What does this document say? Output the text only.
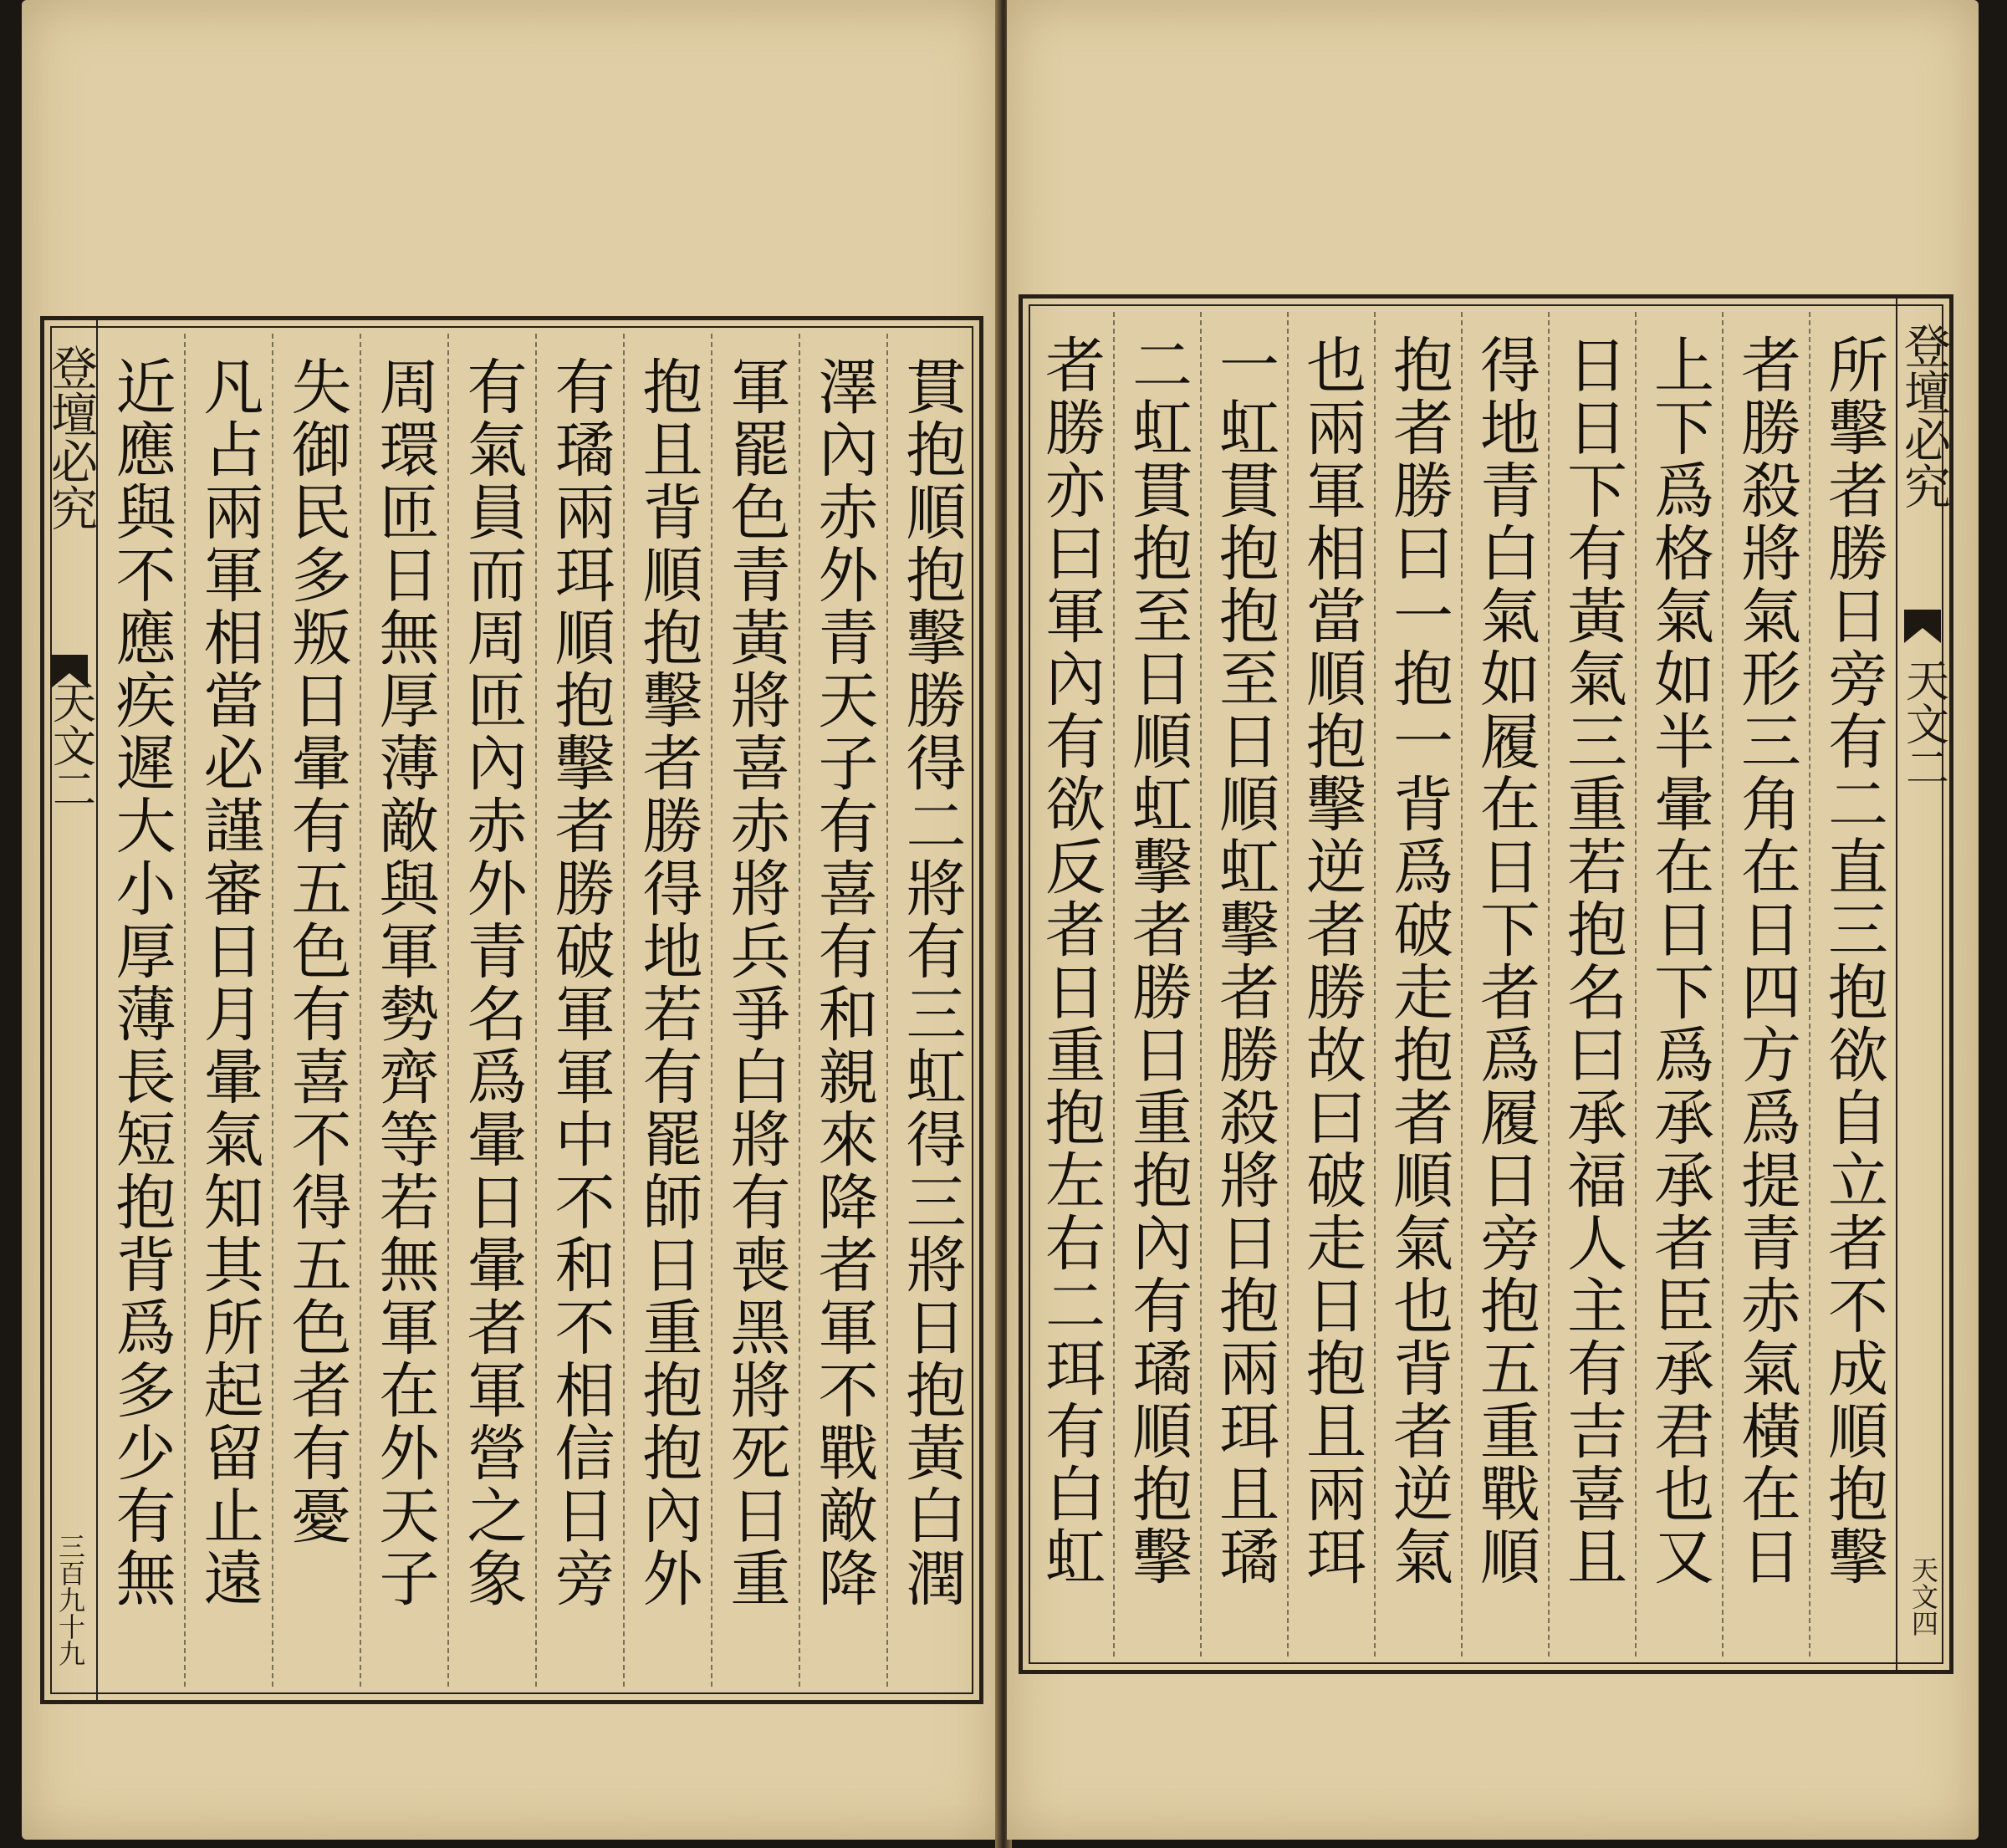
登壇必究
天文二
三百九十九	貫抱順抱擊勝得二將有三虹得三將日抱黃白潤
澤內赤外青天子有喜有和親來降者軍不戰敵降
軍罷色青黃將喜赤將兵爭白將有喪黑將死日重
抱且背順抱擊者勝得地若有罷師日重抱抱內外
有璚兩珥順抱擊者勝破軍軍中不和不相信日旁
有氣員而周匝內赤外青名爲暈日暈者軍營之象
周環匝日無厚薄敵與軍勢齊等若無軍在外天子
失御民多叛日暈有五色有喜不得五色者有憂
凡占兩軍相當必謹審日月暈氣知其所起留止遠
近應與不應疾遲大小厚薄長短抱背爲多少有無	登壇必究
天文二
天文四
所擊者勝日旁有二直三抱欲自立者不成順抱擊
者勝殺將氣形三角在日四方爲提青赤氣橫在日
上下爲格氣如半暈在日下爲承承者臣承君也又
日日下有黃氣三重若抱名曰承福人主有吉喜且
得地青白氣如履在日下者爲履日旁抱五重戰順
抱者勝曰一抱一背爲破走抱者順氣也背者逆氣
也兩軍相當順抱擊逆者勝故曰破走日抱且兩珥
一虹貫抱抱至日順虹擊者勝殺將日抱兩珥且璚
二虹貫抱至日順虹擊者勝日重抱內有璚順抱擊
者勝亦曰軍內有欲反者日重抱左右二珥有白虹
